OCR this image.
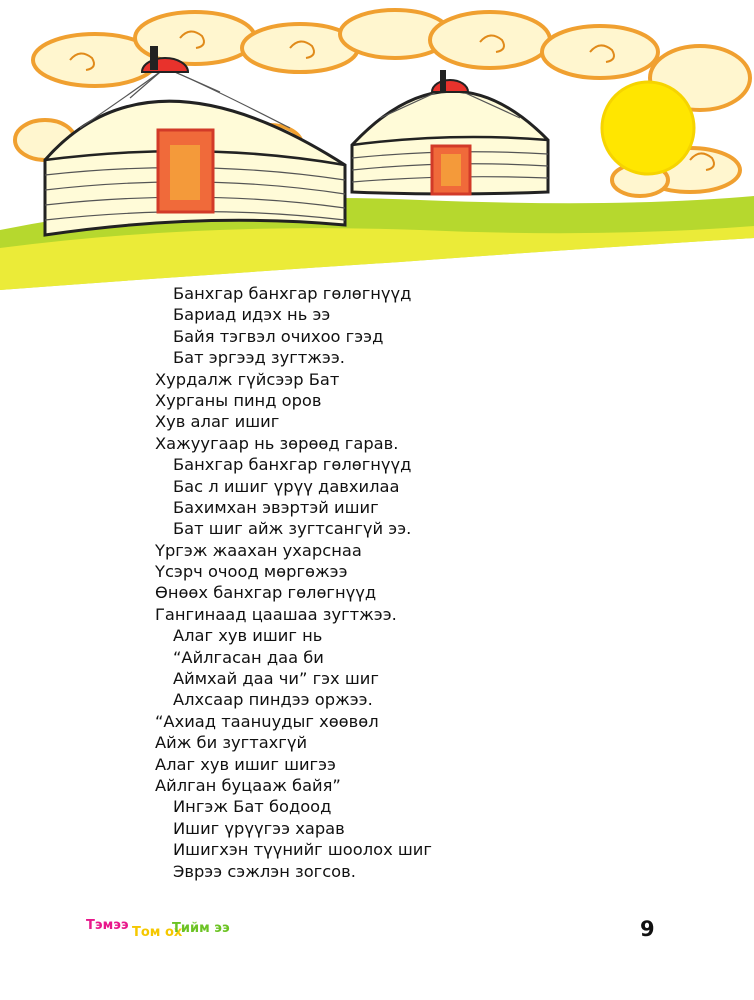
Банхгар банхгар гөлөгнүүд
Бариад идэх нь ээ
Байя тэгвэл очихоо гээд
Бат эргээд зугтжээ.
Хурдалж гүйсээр Бат
Хурганы пинд оров
Хув алаг ишиг
Хажуугаар нь зөрөөд гарав.
Банхгар банхгар гөлөгнүүд
Бас л ишиг үрүү давхилаа
Бахимхан эвэртэй ишиг
Бат шиг айж зугтсангүй ээ.
Үргэж жаахан ухарснаа
Үсэрч очоод мөргөжээ
Өнөөх банхгар гөлөгнүүд
Гангинаад цаашаа зугтжээ.
Алаг хув ишиг нь
“Айлгасан даа би
Аймхай даа чи” гэх шиг
Алхсаар пиндээ оржээ.
“Ахиад таанuудыг хөөвөл
Айж би зугтахгүй
Алаг хув ишиг шигээ
Айлган буцааж байя”
Ингэж Бат бодоод
Ишиг үрүүгээ харав
Ишигхэн түүнийг шоолох шиг
Эврээ сэжлэн зогсов.
Тэмээ Том ох
Тийм ээ	9
